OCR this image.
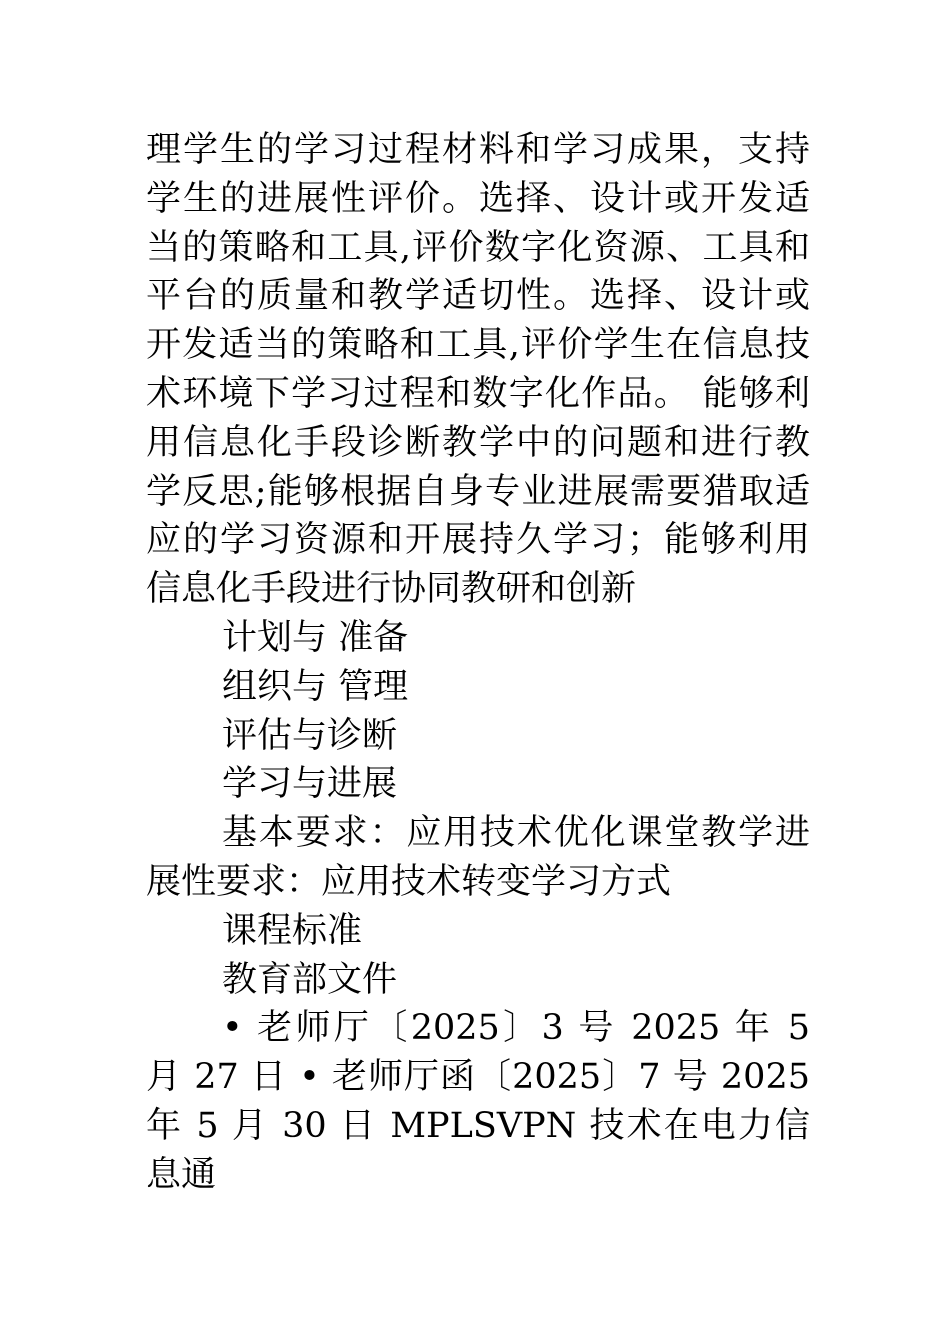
理学生的学习过程材料和学习成果，支持学生的进展性评价。选择、设计或开发适当的策略和工具,评价数字化资源、工具和平台的质量和教学适切性。选择、设计或开发适当的策略和工具,评价学生在信息技术环境下学习过程和数字化作品。 能够利用信息化手段诊断教学中的问题和进行教学反思;能够根据自身专业进展需要猎取适应的学习资源和开展持久学习；能够利用信息化手段进行协同教研和创新

计划与 准备

组织与 管理

评估与诊断

学习与进展

基本要求：应用技术优化课堂教学进展性要求：应用技术转变学习方式

课程标准

教育部文件

• 老师厅〔2025〕3 号 2025 年 5 月 27 日 • 老师厅函〔2025〕7 号 2025 年 5 月 30 日 MPLSVPN 技术在电力信息通
